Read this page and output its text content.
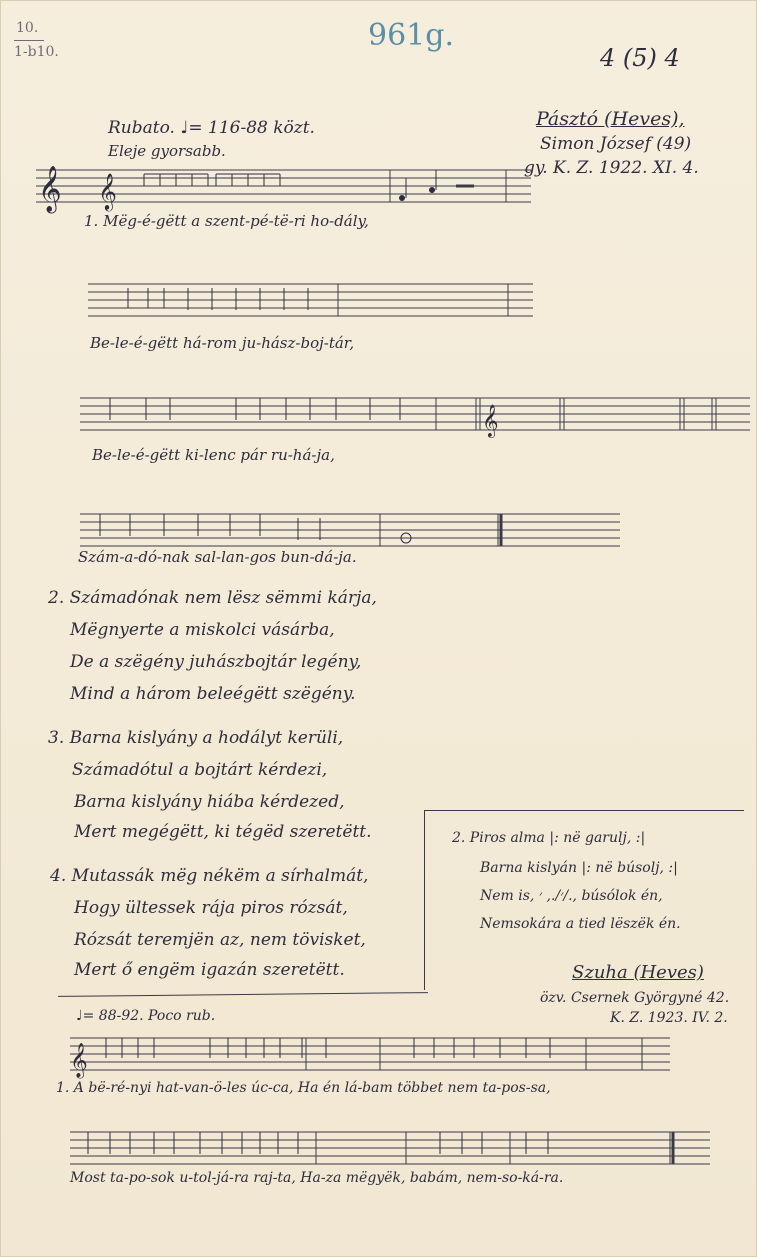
10.
1-b10.	961g.
4 (5) 4
Rubato. ♩= 116-88 közt.
Eleje gyorsabb.
Pásztó (Heves),
Simon József (49)
gy. K. Z. 1922. XI. 4.
𝄞 𝄞
1. Mëg-é-gëtt a szent-pé-të-ri ho-dály,
Be-le-é-gëtt há-rom ju-hász-boj-tár,
𝄞
Be-le-é-gëtt ki-lenc pár ru-há-ja,
Szám-a-dó-nak sal-lan-gos bun-dá-ja.
2. Számadónak nem lësz sëmmi kárja,
Mëgnyerte a miskolci vásárba,
De a szëgény juhászbojtár legény,
Mind a három beleégëtt szëgény.
3. Barna kislyány a hodályt kerüli,
Számadótul a bojtárt kérdezi,
Barna kislyány hiába kérdezed,
Mert megégëtt, ki tégëd szeretëtt.	2. Piros alma |: në garulj, :|
Barna kislyán |: në búsolj, :|
Nem is, ׳/., ׳/., búsólok én,
Nemsokára a tied lëszëk én.
4. Mutassák mëg nékëm a sírhalmát,
Hogy ültessek rája piros rózsát,
Rózsát teremjën az, nem tövisket,
Mert ő engëm igazán szeretëtt.	Szuha (Heves)
özv. Csernek Györgyné 42.
K. Z. 1923. IV. 2.
♩= 88-92. Poco rub.
𝄞
1. A bë-ré-nyi hat-van-ö-les úc-ca, Ha én lá-bam többet nem ta-pos-sa,
Most ta-po-sok u-tol-já-ra raj-ta, Ha-za mëgyëk, babám, nem-so-ká-ra.
